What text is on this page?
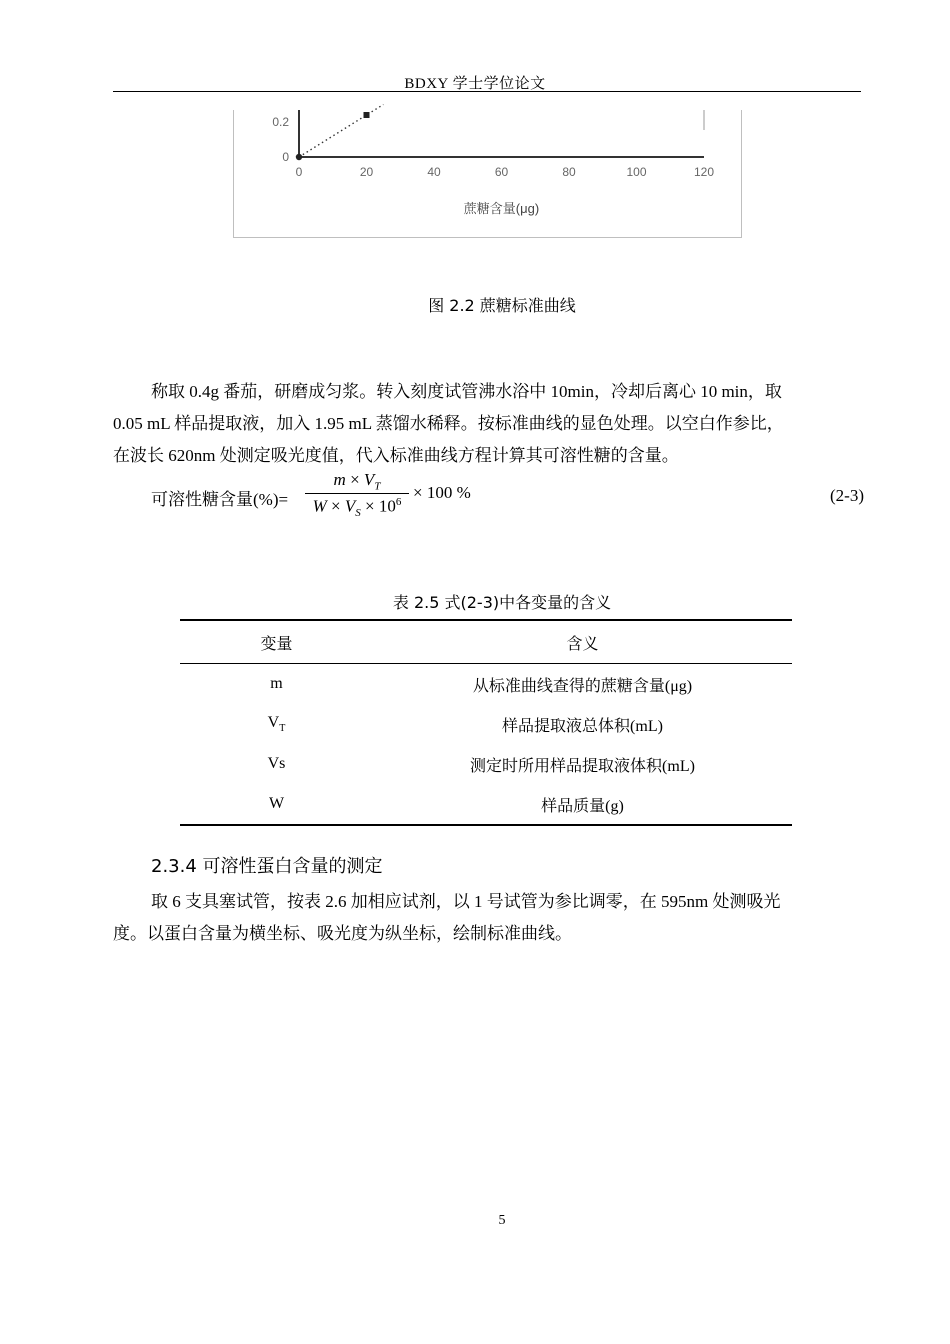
BDXY 学士学位论文
0	20	40	60	80	100	120
0
0.2
蔗糖含量(μg)
图 2.2 蔗糖标准曲线
称取 0.4g 番茄，研磨成匀浆。转入刻度试管沸水浴中 10min，冷却后离心 10 min，取
0.05 mL 样品提取液，加入 1.95 mL 蒸馏水稀释。按标准曲线的显色处理。以空白作参比，
在波长 620nm 处测定吸光度值，代入标准曲线方程计算其可溶性糖的含量。
可溶性糖含量(%)=
$m \times V_T$
$W \times V_S \times 10^6 \times 100$ %	(2-3)
表 2.5 式(2-3)中各变量的含义
变量	含义
m	从标准曲线查得的蔗糖含量(μg)
$V_T$	样品提取液总体积(mL)
Vs	测定时所用样品提取液体积(mL)
W	样品质量(g)
2.3.4 可溶性蛋白含量的测定
取 6 支具塞试管，按表 2.6 加相应试剂，以 1 号试管为参比调零，在 595nm 处测吸光
度。以蛋白含量为横坐标、吸光度为纵坐标，绘制标准曲线。
5
